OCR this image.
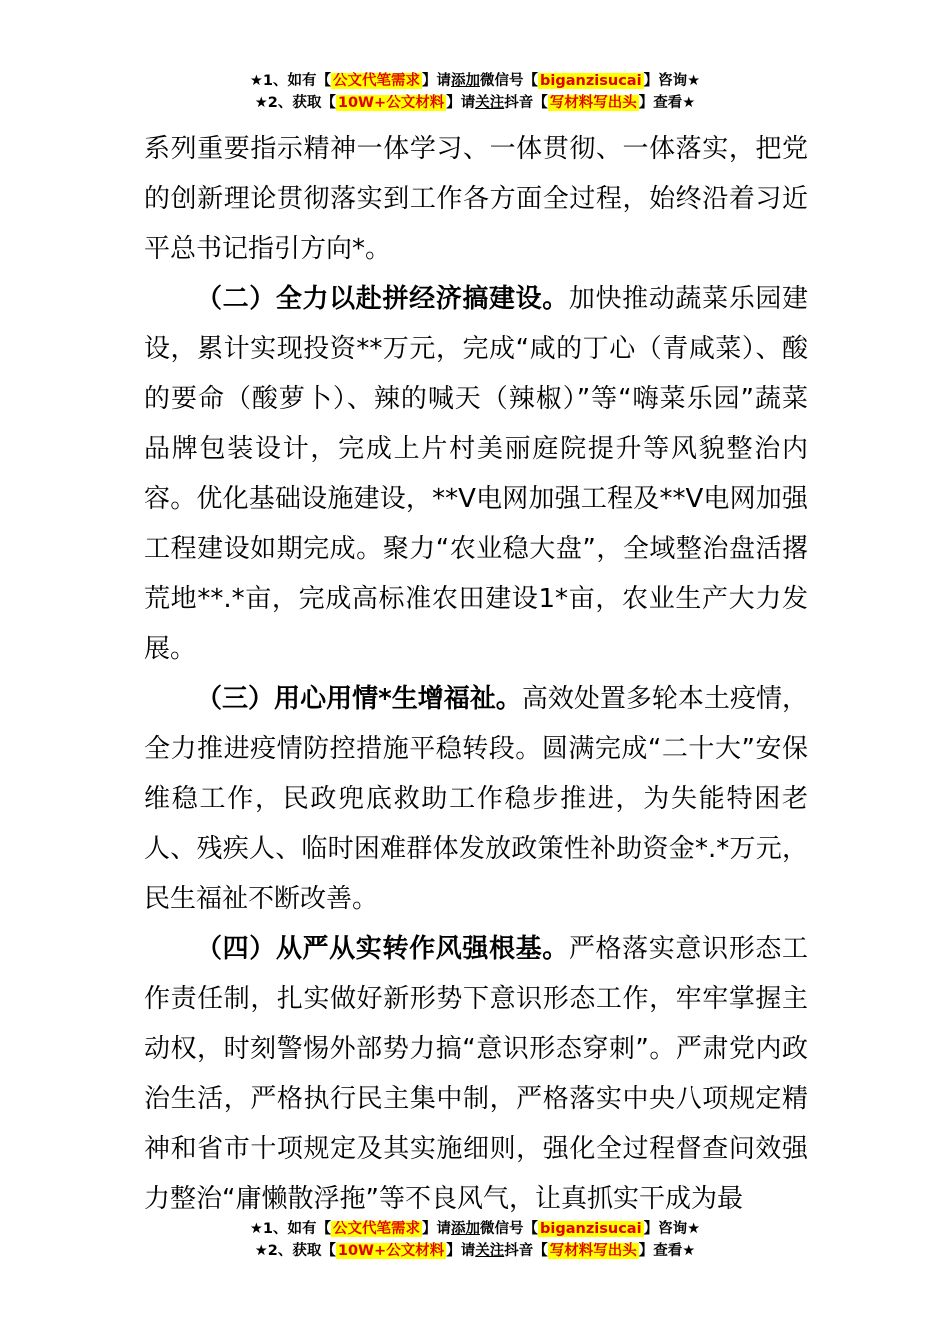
★1、如有【 公文代笔需求 】请添加微信号【 biganzisucai 】咨询★
★2、获取【 10W+公文材料 】请关注抖音【 写材料写出头 】查看★

系列重要指示精神一体学习、一体贯彻、一体落实，把党的创新理论贯彻落实到工作各方面全过程，始终沿着习近平总书记指引方向*。

（二）全力以赴拼经济搞建设。加快推动蔬菜乐园建设，累计实现投资**万元，完成“咸的丁心（青咸菜）、酸的要命（酸萝卜）、辣的喊天（辣椒）”等“嗨菜乐园”蔬菜品牌包装设计，完成上片村美丽庭院提升等风貌整治内容。优化基础设施建设，**V电网加强工程及**V电网加强工程建设如期完成。聚力“农业稳大盘”，全域整治盘活撂荒地**.*亩，完成高标准农田建设1*亩，农业生产大力发展。

（三）用心用情*生增福祉。高效处置多轮本土疫情，全力推进疫情防控措施平稳转段。圆满完成“二十大”安保维稳工作，民政兜底救助工作稳步推进，为失能特困老人、残疾人、临时困难群体发放政策性补助资金*.*万元，民生福祉不断改善。

（四）从严从实转作风强根基。严格落实意识形态工作责任制，扎实做好新形势下意识形态工作，牢牢掌握主动权，时刻警惕外部势力搞“意识形态穿刺”。严肃党内政治生活，严格执行民主集中制，严格落实中央八项规定精神和省市十项规定及其实施细则，强化全过程督查问效强力整治“庸懒散浮拖”等不良风气，让真抓实干成为最

★1、如有【 公文代笔需求 】请添加微信号【 biganzisucai 】咨询★
★2、获取【 10W+公文材料 】请关注抖音【 写材料写出头 】查看★
